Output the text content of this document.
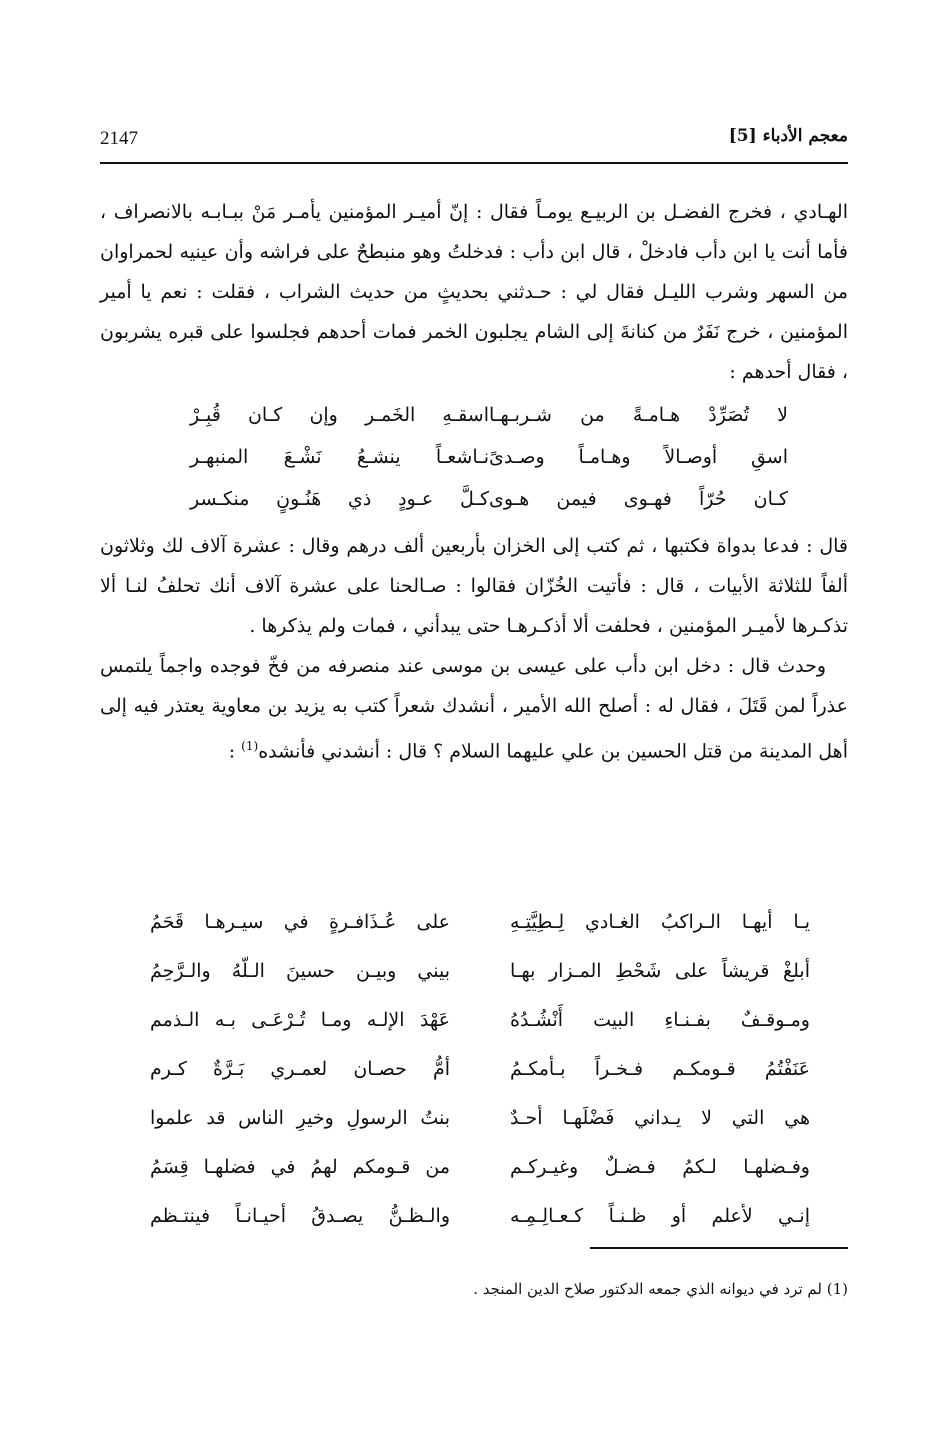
2147	معجم الأدباء [5]

الهـادي ، فخرج الفضـل بن الربيـع يومـاً فقال : إنّ أميـر المؤمنين يأمـر مَنْ ببـابـه بالانصراف ، فأما أنت يا ابن دأب فادخلْ ، قال ابن دأب : فدخلتُ وهو منبطحٌ على فراشه وأن عينيه لحمراوان من السهر وشرب الليـل فقال لي : حـدثني بحديثٍ من حديث الشراب ، فقلت : نعم يا أمير المؤمنين ، خرج نَفَرٌ من كنانةَ إلى الشام يجلبون الخمر فمات أحدهم فجلسوا على قبره يشربون ، فقال أحدهم :

لا تُصَرِّدْ هـامـةً من شـربـهـا
اسقـهِ الخَمـر وإن كـان قُبِـرْ
اسقِ أوصـالاً وهـامـاً وصـدىً
نـاشعـاً ينشـعُ نَشْـعَ المنبهـر
كـان حُرّاً فهـوى فيمن هـوى
كـلَّ عـودٍ ذي هَنُـونٍ منكـسر

قال : فدعا بدواة فكتبها ، ثم كتب إلى الخزان بأربعين ألف درهم وقال : عشرة آلاف لك وثلاثون ألفاً للثلاثة الأبيات ، قال : فأتيت الخُزّان فقالوا : صـالحنا على عشرة آلاف أنك تحلفُ لنـا ألا تذكـرها لأميـر المؤمنين ، فحلفت ألا أذكـرهـا حتى يبدأني ، فمات ولم يذكرها .

وحدث قال : دخل ابن دأب على عيسى بن موسى عند منصرفه من فخّ فوجده واجماً يلتمس عذراً لمن قَتَلَ ، فقال له : أصلح الله الأمير ، أنشدك شعراً كتب به يزيد بن معاوية يعتذر فيه إلى أهل المدينة من قتل الحسين بن علي عليهما السلام ؟ قال : أنشدني فأنشده$^{(1)}$ :

يـا أيهـا الـراكبُ الغـادي لِـطِيَّتِـهِ
على عُـذَافـرةٍ في سيـرهـا قَحَمُ
أبلغْ قريشاً على شَحْطِ المـزار بهـا
بيني وبيـن حسينَ الـلّهُ والـرَّحِمُ
ومـوقـفٌ بفـنـاءِ البيت أَنْشُـدُهُ
عَهْدَ الإلـه ومـا تُـرْعَـى بـه الـذمم
عَنَفْتُمُ قـومكـم فـخـراً بـأمكـمُ
أمُّ حصـان لعمـري بَـرَّةٌ كـرم
هي التي لا يـداني فَضْلَهـا أحـدٌ
بنتُ الرسولِ وخيرِ الناس قد علموا
وفـضلهـا لـكمُ فـضـلٌ وغيـركـم
من قـومكم لهمُ في فضلهـا قِسَمُ
إنـي لأعلم أو ظـنـاً كـعـالِـمِـه
والـظـنُّ يصـدقُ أحيـانـاً فينتـظم
(1) لم ترد في ديوانه الذي جمعه الدكتور صلاح الدين المنجد .
